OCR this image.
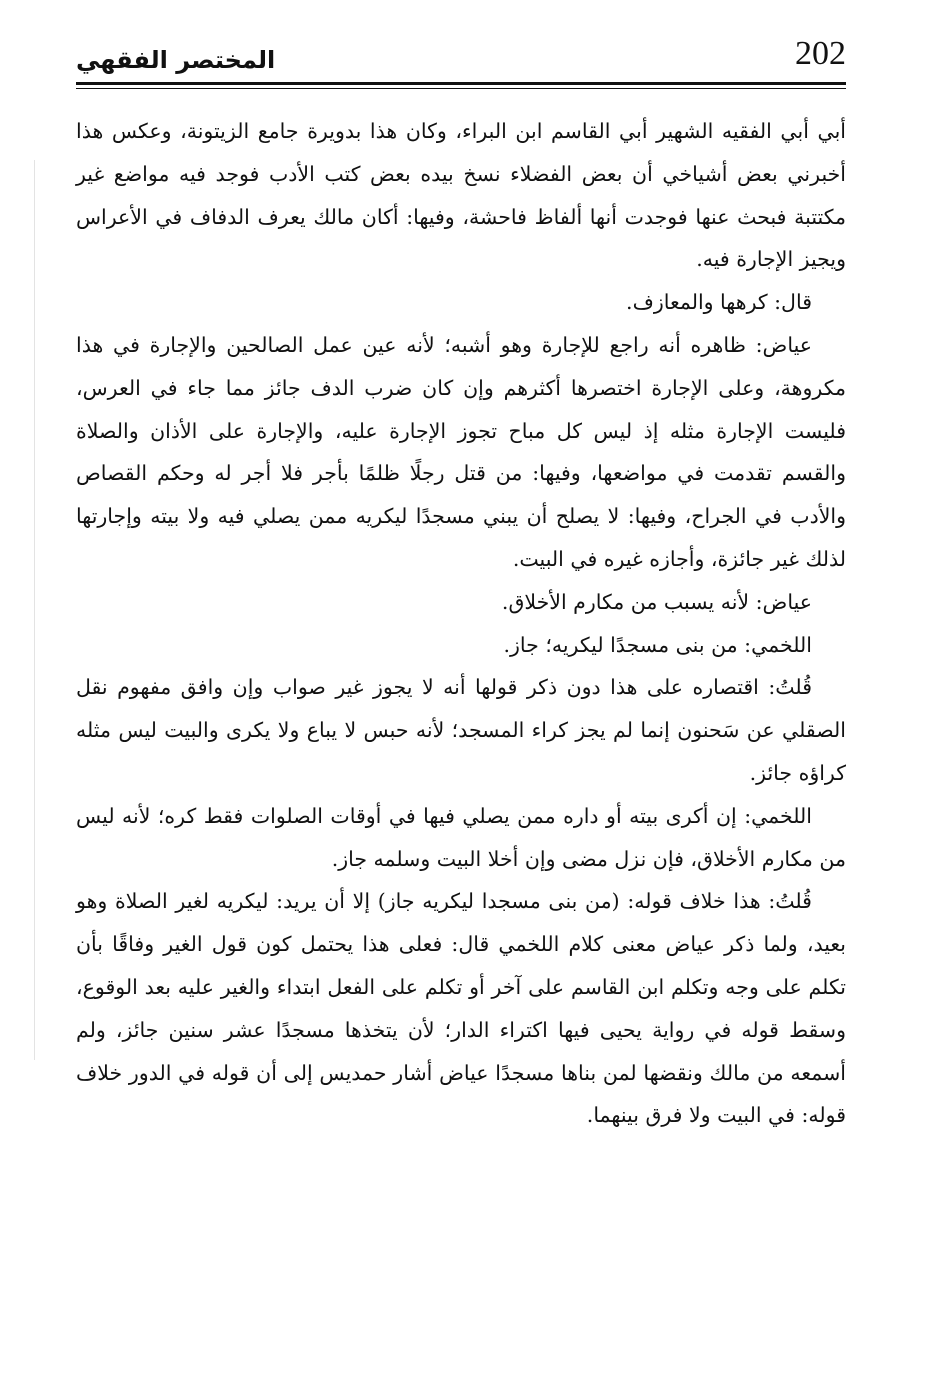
المختصر الفقهي	202

أبي أبي الفقيه الشهير أبي القاسم ابن البراء، وكان هذا بدويرة جامع الزيتونة، وعكس هذا أخبرني بعض أشياخي أن بعض الفضلاء نسخ بيده بعض كتب الأدب فوجد فيه مواضع غير مكتتبة فبحث عنها فوجدت أنها ألفاظ فاحشة، وفيها: أكان مالك يعرف الدفاف في الأعراس ويجيز الإجارة فيه.

قال: كرهها والمعازف.

عياض: ظاهره أنه راجع للإجارة وهو أشبه؛ لأنه عين عمل الصالحين والإجارة في هذا مكروهة، وعلى الإجارة اختصرها أكثرهم وإن كان ضرب الدف جائز مما جاء في العرس، فليست الإجارة مثله إذ ليس كل مباح تجوز الإجارة عليه، والإجارة على الأذان والصلاة والقسم تقدمت في مواضعها، وفيها: من قتل رجلًا ظلمًا بأجر فلا أجر له وحكم القصاص والأدب في الجراح، وفيها: لا يصلح أن يبني مسجدًا ليكريه ممن يصلي فيه ولا بيته وإجارتها لذلك غير جائزة، وأجازه غيره في البيت.

عياض: لأنه يسبب من مكارم الأخلاق.

اللخمي: من بنى مسجدًا ليكريه؛ جاز.

قُلتُ: اقتصاره على هذا دون ذكر قولها أنه لا يجوز غير صواب وإن وافق مفهوم نقل الصقلي عن سَحنون إنما لم يجز كراء المسجد؛ لأنه حبس لا يباع ولا يكرى والبيت ليس مثله كراؤه جائز.

اللخمي: إن أكرى بيته أو داره ممن يصلي فيها في أوقات الصلوات فقط كره؛ لأنه ليس من مكارم الأخلاق، فإن نزل مضى وإن أخلا البيت وسلمه جاز.

قُلتُ: هذا خلاف قوله: (من بنى مسجدا ليكريه جاز) إلا أن يريد: ليكريه لغير الصلاة وهو بعيد، ولما ذكر عياض معنى كلام اللخمي قال: فعلى هذا يحتمل كون قول الغير وفاقًا بأن تكلم على وجه وتكلم ابن القاسم على آخر أو تكلم على الفعل ابتداء والغير عليه بعد الوقوع، وسقط قوله في رواية يحيى فيها اكتراء الدار؛ لأن يتخذها مسجدًا عشر سنين جائز، ولم أسمعه من مالك ونقضها لمن بناها مسجدًا عياض أشار حمديس إلى أن قوله في الدور خلاف قوله: في البيت ولا فرق بينهما.
